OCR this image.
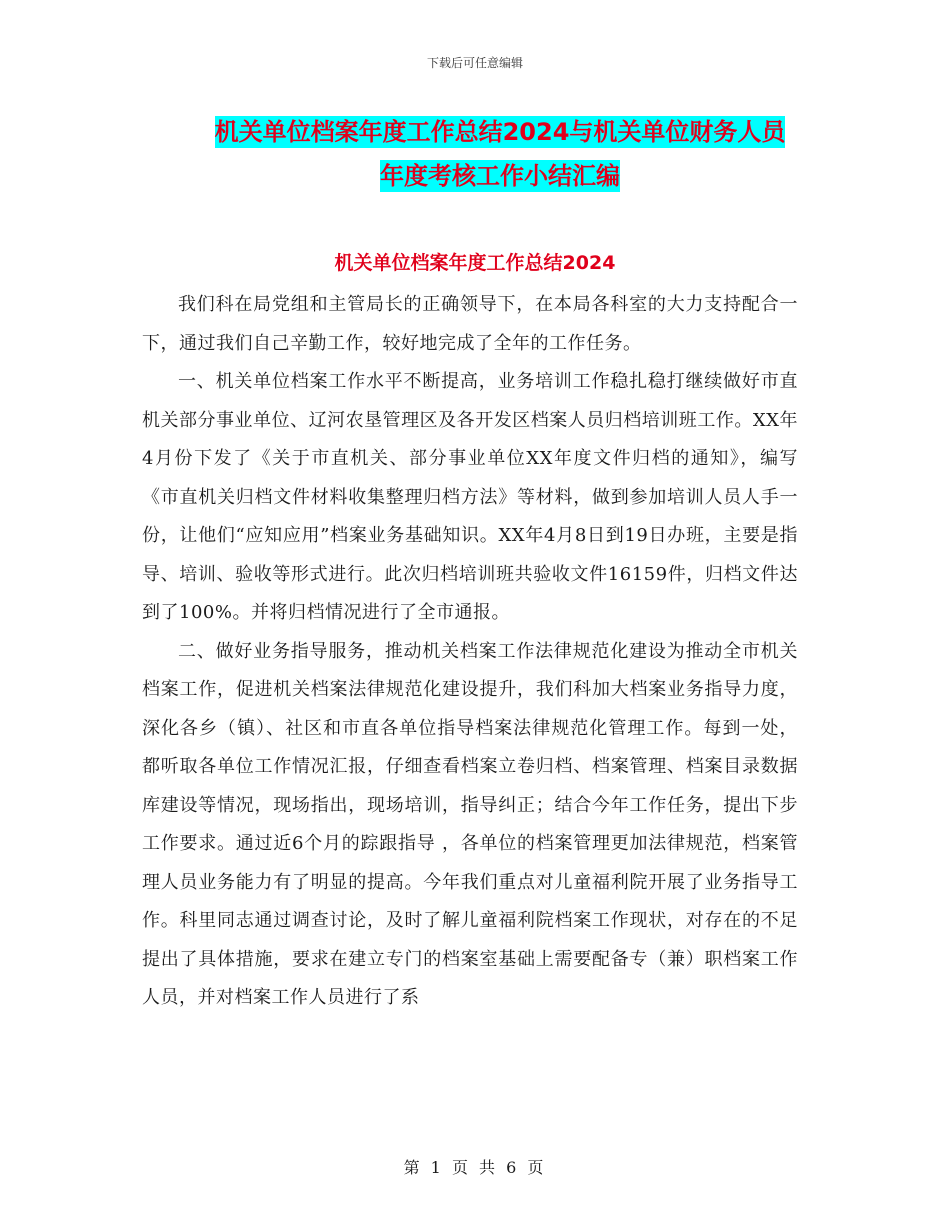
下载后可任意编辑
机关单位档案年度工作总结2024与机关单位财务人员
年度考核工作小结汇编
机关单位档案年度工作总结2024

我们科在局党组和主管局长的正确领导下，在本局各科室的大力支持配合一下，通过我们自己辛勤工作，较好地完成了全年的工作任务。

一、机关单位档案工作水平不断提高，业务培训工作稳扎稳打继续做好市直机关部分事业单位、辽河农垦管理区及各开发区档案人员归档培训班工作。XX年4月份下发了《关于市直机关、部分事业单位XX年度文件归档的通知》，编写《市直机关归档文件材料收集整理归档方法》等材料，做到参加培训人员人手一份，让他们“应知应用”档案业务基础知识。XX年4月8日到19日办班，主要是指导、培训、验收等形式进行。此次归档培训班共验收文件16159件，归档文件达到了100%。并将归档情况进行了全市通报。

二、做好业务指导服务，推动机关档案工作法律规范化建设为推动全市机关档案工作，促进机关档案法律规范化建设提升，我们科加大档案业务指导力度，深化各乡（镇）、社区和市直各单位指导档案法律规范化管理工作。每到一处，都听取各单位工作情况汇报，仔细查看档案立卷归档、档案管理、档案目录数据库建设等情况，现场指出，现场培训，指导纠正；结合今年工作任务，提出下步工作要求。通过近6个月的踪跟指导 ，各单位的档案管理更加法律规范，档案管理人员业务能力有了明显的提高。今年我们重点对儿童福利院开展了业务指导工作。科里同志通过调查讨论，及时了解儿童福利院档案工作现状，对存在的不足提出了具体措施，要求在建立专门的档案室基础上需要配备专（兼）职档案工作人员，并对档案工作人员进行了系

第 1 页 共 6 页
